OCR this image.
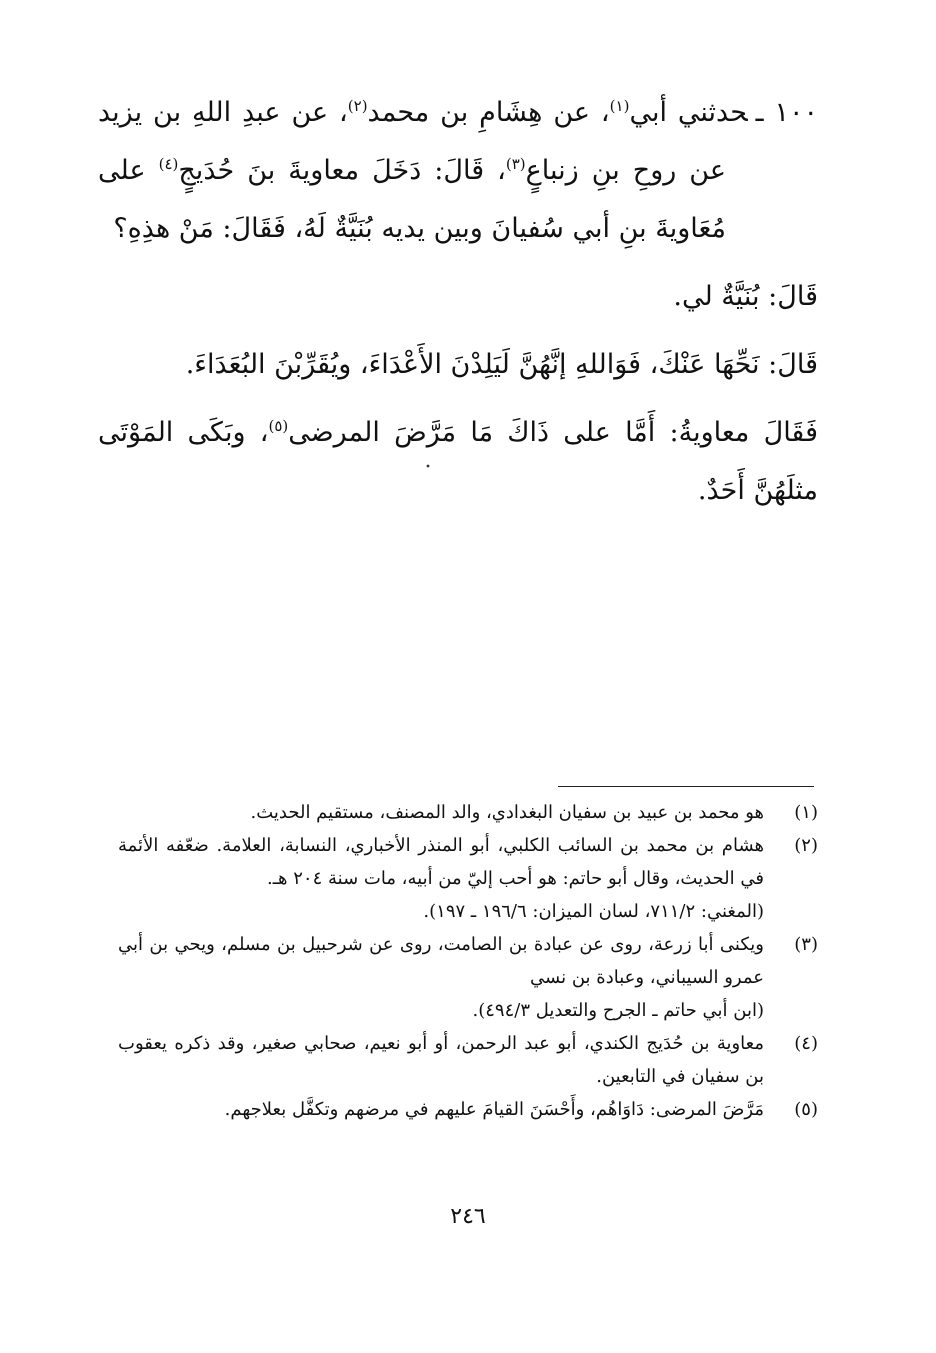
١٠٠ ـحدثني أبي$^{(١)}$، عن هِشَامِ بن محمد$^{(٢)}$، عن عبدِ اللهِ بن يزيد عن روحِ بنِ زنباعٍ$^{(٣)}$، قَالَ: دَخَلَ معاويةَ بنَ حُدَيجٍ$^{(٤)}$ على مُعَاويةَ بنِ أبي سُفيانَ وبين يديه بُنَيَّةٌ لَهُ، فَقَالَ: مَنْ هذِهِ؟

قَالَ: بُنَيَّةٌ لي.

قَالَ: نَحِّهَا عَنْكَ، فَوَاللهِ إنَّهُنَّ لَيَلِدْنَ الأَعْدَاءَ، ويُقَرِّبْنَ البُعَدَاءَ.

فَقَالَ معاويةُ: أَمَّا على ذَاكَ مَا مَرَّضَ المرضى$^{(٥)}$، وبَكَى المَوْتَى مثلَهُنَّ أَحَدٌ.

(١)
هو محمد بن عبيد بن سفيان البغدادي، والد المصنف، مستقيم الحديث.
(٢)
هشام بن محمد بن السائب الكلبي، أبو المنذر الأخباري، النسابة، العلامة. ضعّفه الأئمة في الحديث، وقال أبو حاتم: هو أحب إليّ من أبيه، مات سنة ٢٠٤ هـ.
(المغني: ٧١١/٢، لسان الميزان: ١٩٦/٦ ـ ١٩٧).
(٣)
ويكنى أبا زرعة، روى عن عبادة بن الصامت، روى عن شرحبيل بن مسلم، ويحي بن أبي عمرو السيباني، وعبادة بن نسي
(ابن أبي حاتم ـ الجرح والتعديل ٤٩٤/٣).
(٤)
معاوية بن حُدَيج الكندي، أبو عبد الرحمن، أو أبو نعيم، صحابي صغير، وقد ذكره يعقوب بن سفيان في التابعين.
(٥)
مَرَّضَ المرضى: دَاوَاهُم، وأَحْسَنَ القيامَ عليهم في مرضهم وتكفَّل بعلاجهم.
٢٤٦
